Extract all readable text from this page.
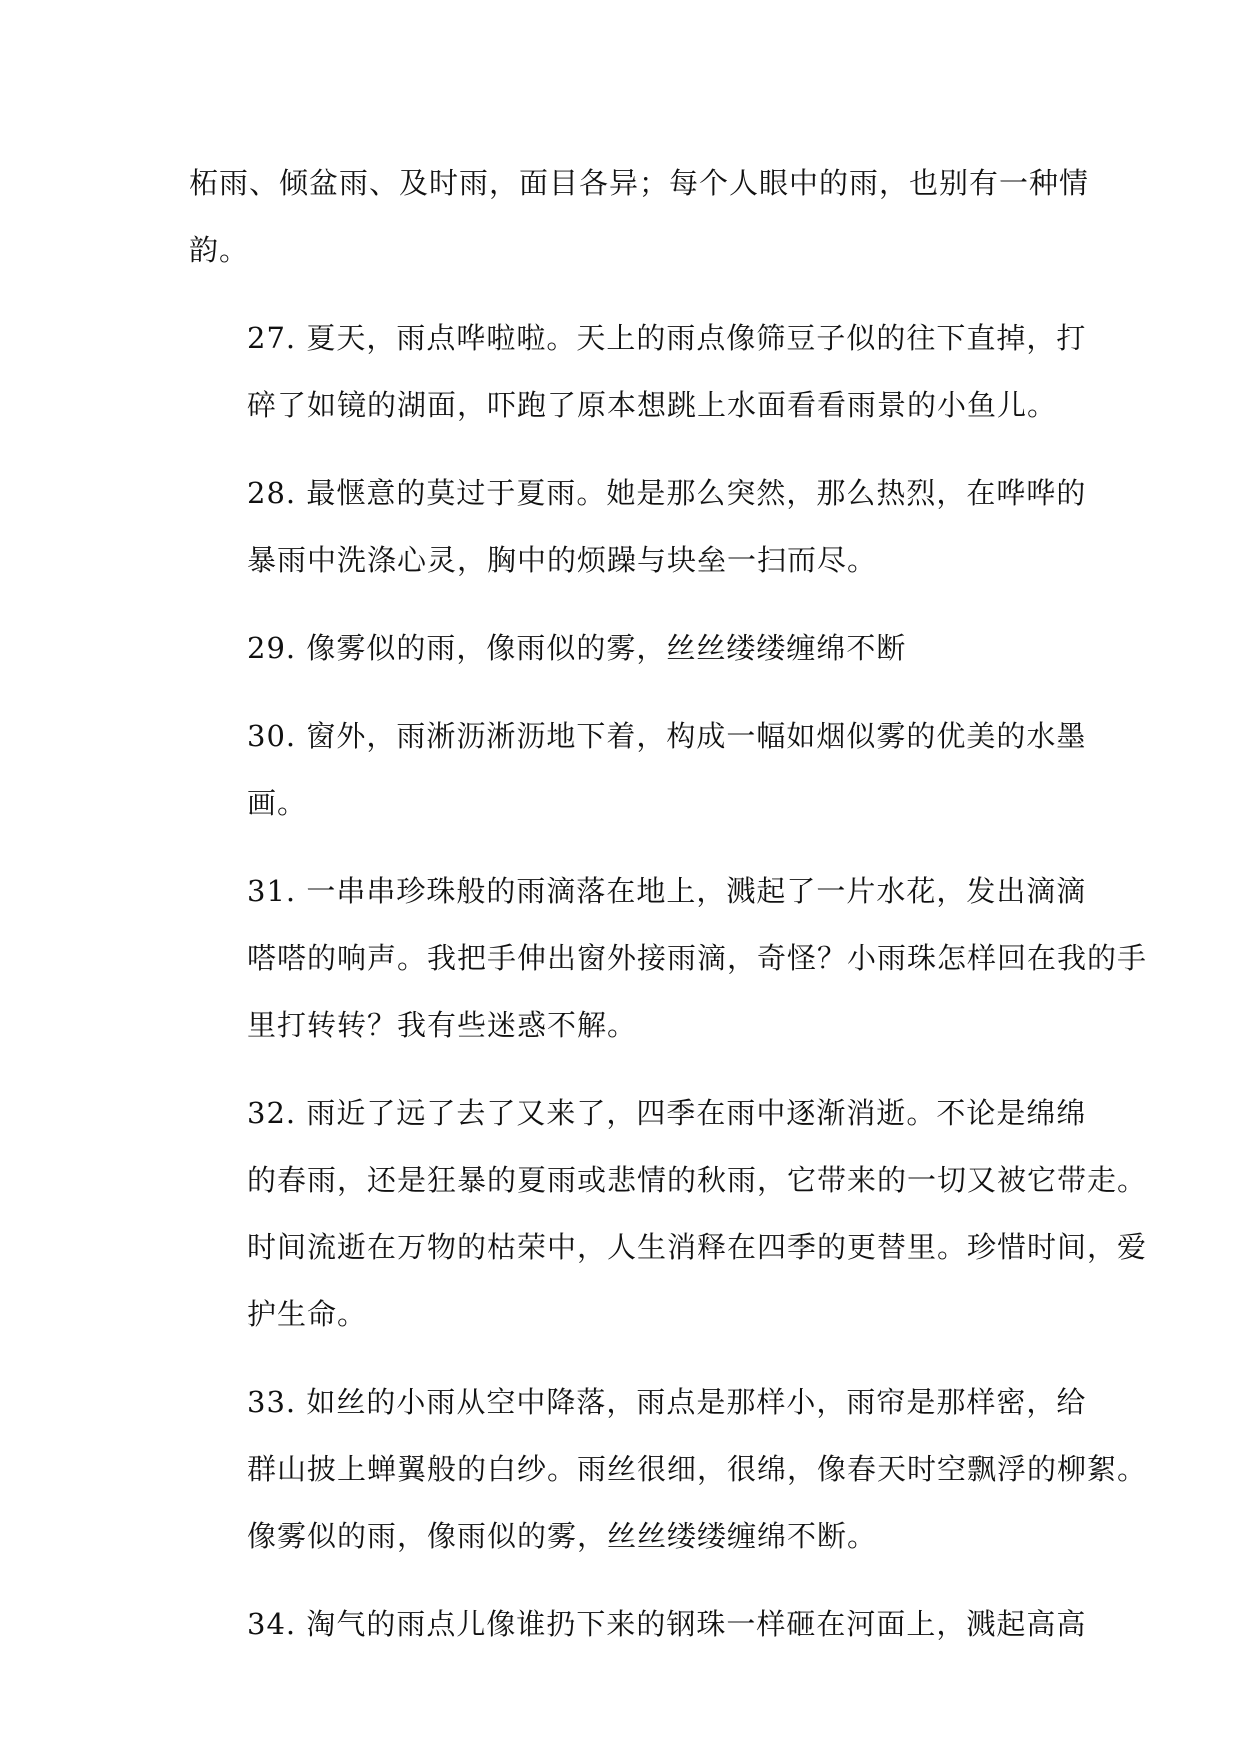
柘雨、倾盆雨、及时雨，面目各异；每个人眼中的雨，也别有一种情
韵。

27. 夏天，雨点哗啦啦。天上的雨点像筛豆子似的往下直掉，打
碎了如镜的湖面，吓跑了原本想跳上水面看看雨景的小鱼儿。

28. 最惬意的莫过于夏雨。她是那么突然，那么热烈，在哗哗的
暴雨中洗涤心灵，胸中的烦躁与块垒一扫而尽。

29. 像雾似的雨，像雨似的雾，丝丝缕缕缠绵不断

30. 窗外，雨淅沥淅沥地下着，构成一幅如烟似雾的优美的水墨
画。

31. 一串串珍珠般的雨滴落在地上，溅起了一片水花，发出滴滴
嗒嗒的响声。我把手伸出窗外接雨滴，奇怪？小雨珠怎样回在我的手
里打转转？我有些迷惑不解。

32. 雨近了远了去了又来了，四季在雨中逐渐消逝。不论是绵绵
的春雨，还是狂暴的夏雨或悲情的秋雨，它带来的一切又被它带走。
时间流逝在万物的枯荣中，人生消释在四季的更替里。珍惜时间，爱
护生命。

33. 如丝的小雨从空中降落，雨点是那样小，雨帘是那样密，给
群山披上蝉翼般的白纱。雨丝很细，很绵，像春天时空飘浮的柳絮。
像雾似的雨，像雨似的雾，丝丝缕缕缠绵不断。

34. 淘气的雨点儿像谁扔下来的钢珠一样砸在河面上，溅起高高
